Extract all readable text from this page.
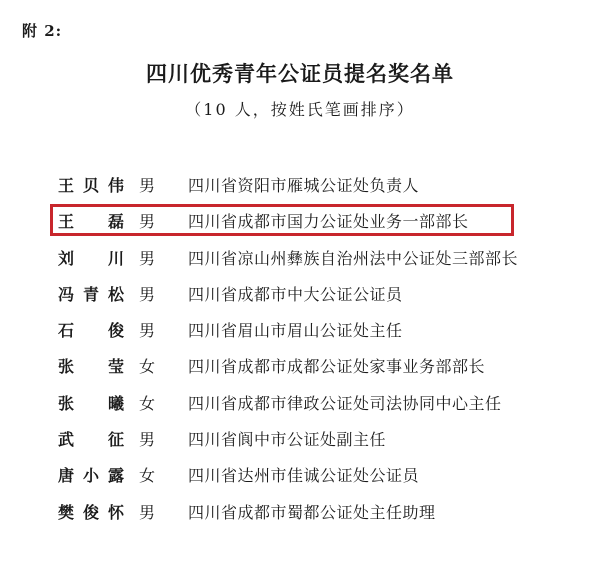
附 2:
四川优秀青年公证员提名奖名单
（10 人，按姓氏笔画排序）
王贝伟 男 四川省资阳市雁城公证处负责人
王磊 男 四川省成都市国力公证处业务一部部长
刘川 男 四川省凉山州彝族自治州法中公证处三部部长
冯青松 男 四川省成都市中大公证公证员
石俊 男 四川省眉山市眉山公证处主任
张莹 女 四川省成都市成都公证处家事业务部部长
张曦 女 四川省成都市律政公证处司法协同中心主任
武征 男 四川省阆中市公证处副主任
唐小露 女 四川省达州市佳诚公证处公证员
樊俊怀 男 四川省成都市蜀都公证处主任助理
